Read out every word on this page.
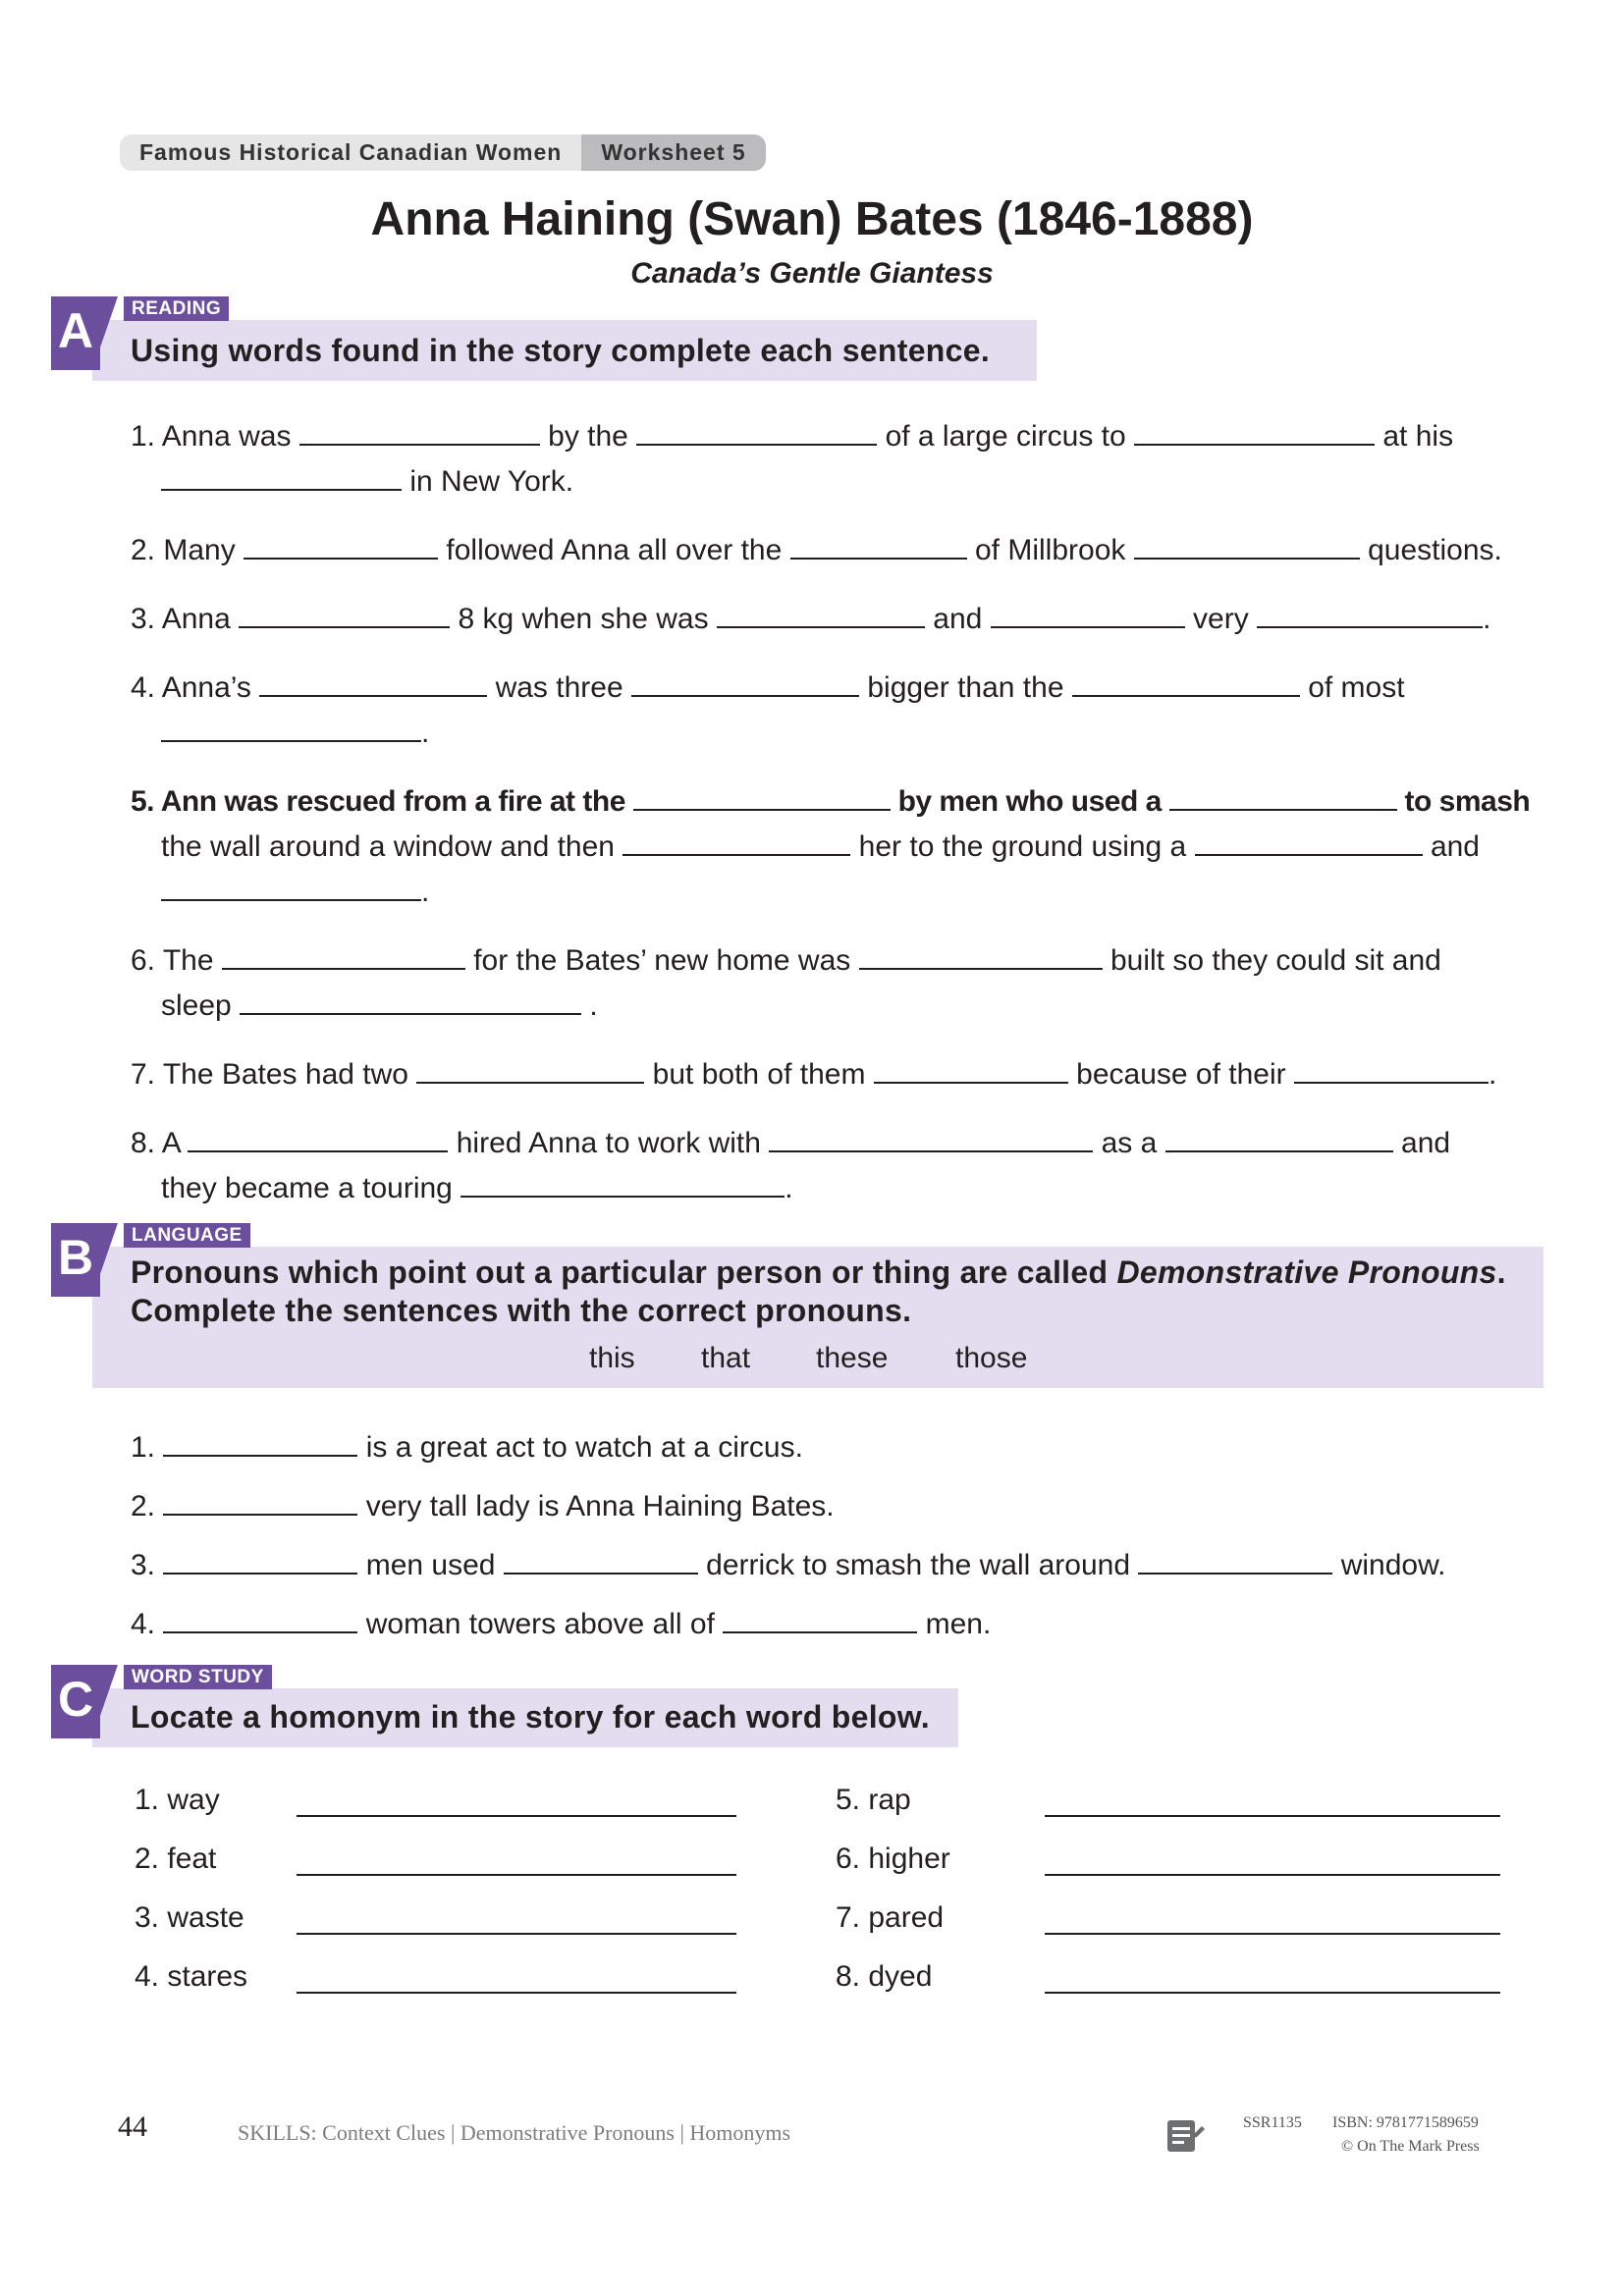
Famous Historical Canadian Women	Worksheet 5
Anna Haining (Swan) Bates (1846-1888)
Canada’s Gentle Giantess
A	READING
Using words found in the story complete each sentence.
1. Anna was	by the	of a large circus to	at his
in New York.
2. Many	followed Anna all over the	of Millbrook	questions.
3. Anna	8 kg when she was	and	very	.
4. Anna’s	was three	bigger than the	of most
.
5. Ann was rescued from a fire at the	by men who used a	to smash
the wall around a window and then	her to the ground using a	and
.
6. The	for the Bates’ new home was	built so they could sit and
sleep	.
7. The Bates had two	but both of them	because of their	.
8. A	hired Anna to work with	as a	and
they became a touring	.
B	LANGUAGE
Pronouns which point out a particular person or thing are called Demonstrative Pronouns.
Complete the sentences with the correct pronouns.
this that these those
1.	is a great act to watch at a circus.
2.	very tall lady is Anna Haining Bates.
3.	men used	derrick to smash the wall around	window.
4.	woman towers above all of	men.
C	WORD STUDY
Locate a homonym in the story for each word below.
1. way
2. feat
3. waste
4. stares
5. rap
6. higher
7. pared
8. dyed
44	SKILLS: Context Clues | Demonstrative Pronouns | Homonyms	SSR1135 ISBN: 9781771589659
© On The Mark Press
